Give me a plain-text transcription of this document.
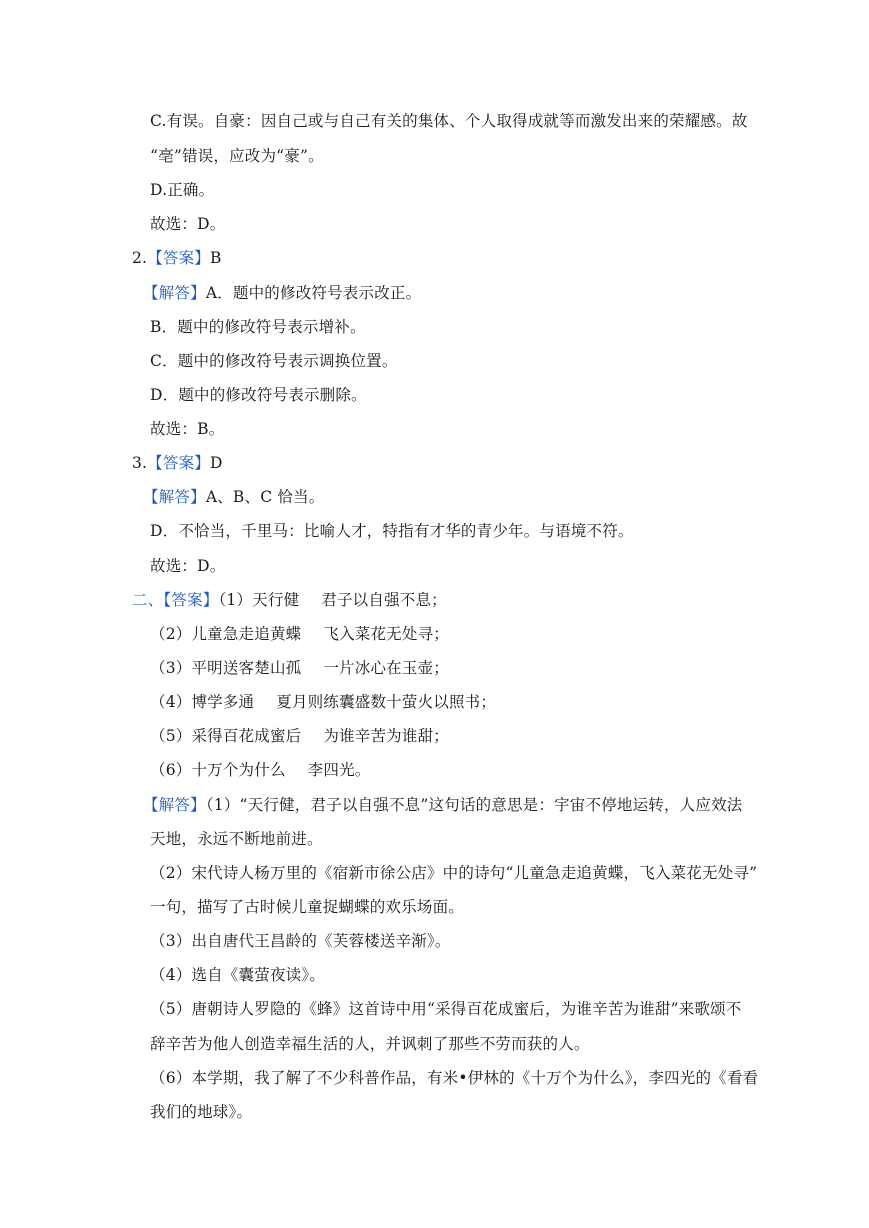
C.有误。自豪：因自己或与自己有关的集体、个人取得成就等而激发出来的荣耀感。故
“亳”错误，应改为“豪”。
D.正确。
故选：D。
2.【答案】B
【解答】A．题中的修改符号表示改正。
B．题中的修改符号表示增补。
C．题中的修改符号表示调换位置。
D．题中的修改符号表示删除。
故选：B。
3.【答案】D
【解答】A、B、C 恰当。
D．不恰当，千里马：比喻人才，特指有才华的青少年。与语境不符。
故选：D。
二、【答案】（1）天行健 君子以自强不息；
（2）儿童急走追黄蝶 飞入菜花无处寻；
（3）平明送客楚山孤 一片冰心在玉壶；
（4）博学多通 夏月则练囊盛数十萤火以照书；
（5）采得百花成蜜后 为谁辛苦为谁甜；
（6）十万个为什么 李四光。
【解答】（1）“天行健，君子以自强不息”这句话的意思是：宇宙不停地运转，人应效法
天地，永远不断地前进。
（2）宋代诗人杨万里的《宿新市徐公店》中的诗句“儿童急走追黄蝶，飞入菜花无处寻”
一句，描写了古时候儿童捉蝴蝶的欢乐场面。
（3）出自唐代王昌龄的《芙蓉楼送辛渐》。
（4）选自《囊萤夜读》。
（5）唐朝诗人罗隐的《蜂》这首诗中用“采得百花成蜜后，为谁辛苦为谁甜”来歌颂不
辞辛苦为他人创造幸福生活的人，并讽刺了那些不劳而获的人。
（6）本学期，我了解了不少科普作品，有米•伊林的《十万个为什么》，李四光的《看看
我们的地球》。
